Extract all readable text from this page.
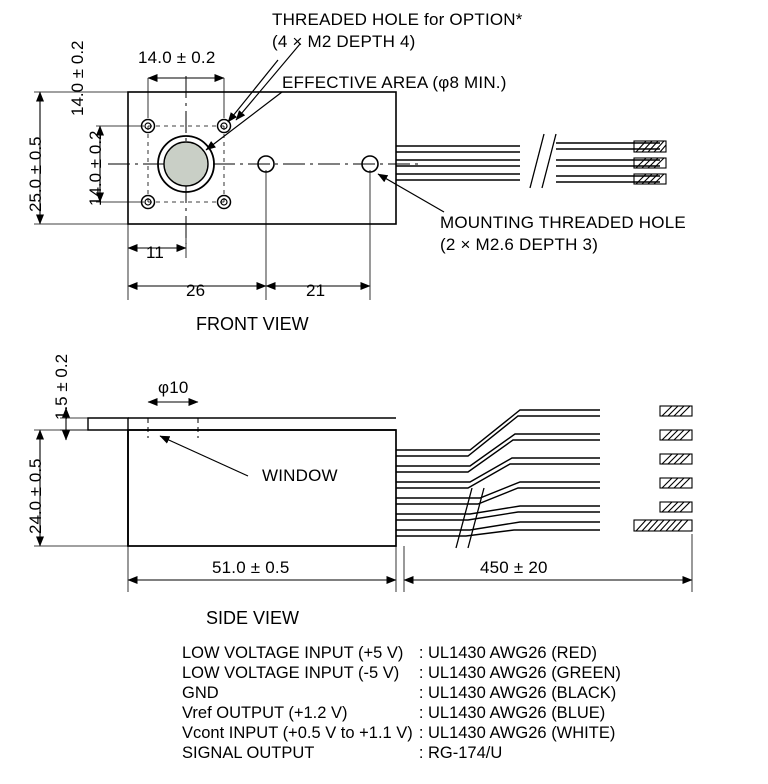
THREADED HOLE for OPTION*
(4 × M2 DEPTH 4)
EFFECTIVE AREA (φ8 MIN.)
MOUNTING THREADED HOLE
(2 × M2.6 DEPTH 3)
WINDOW
14.0 ± 0.2
25.0 ± 0.5 14.0 ± 0.2
14.0 ± 0.2
11
26	21
FRONT VIEW
1.5 ± 0.2	φ10
24.0 ± 0.5
51.0 ± 0.5	450 ± 20
SIDE VIEW
LOW VOLTAGE INPUT (+5 V)	: UL1430 AWG26 (RED)
LOW VOLTAGE INPUT (-5 V)	: UL1430 AWG26 (GREEN)
GND	: UL1430 AWG26 (BLACK)
Vref OUTPUT (+1.2 V)	: UL1430 AWG26 (BLUE)
Vcont INPUT (+0.5 V to +1.1 V)	: UL1430 AWG26 (WHITE)
SIGNAL OUTPUT	: RG-174/U
